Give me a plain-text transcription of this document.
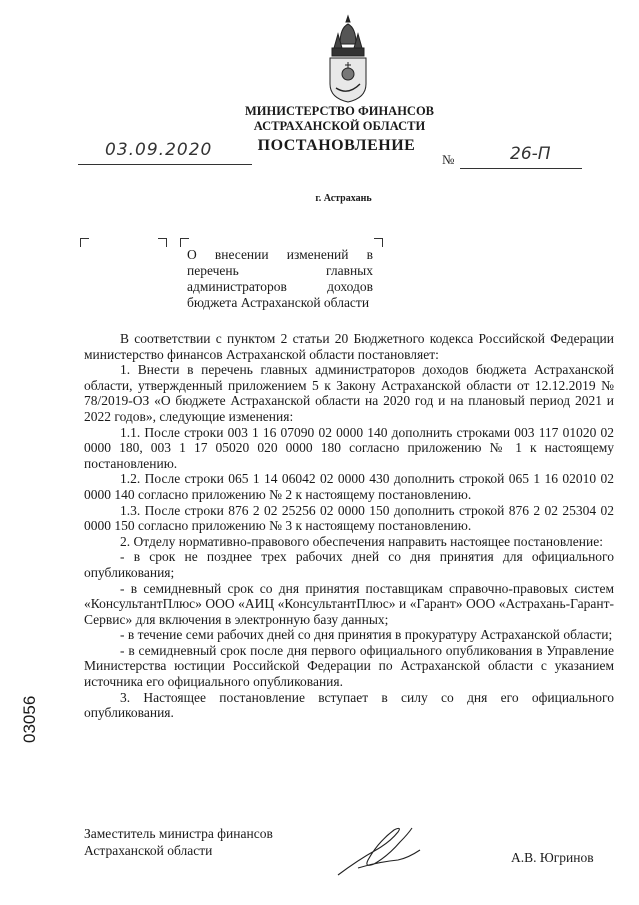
МИНИСТЕРСТВО ФИНАНСОВ
АСТРАХАНСКОЙ ОБЛАСТИ
03.09.2020	ПОСТАНОВЛЕНИЕ
№	26-П
г. Астрахань
О внесении изменений в перечень главных администраторов доходов бюджета Астраханской области

В соответствии с пунктом 2 статьи 20 Бюджетного кодекса Российской Федерации министерство финансов Астраханской области постановляет:

1. Внести в перечень главных администраторов доходов бюджета Астраханской области, утвержденный приложением 5 к Закону Астраханской области от 12.12.2019 № 78/2019-ОЗ «О бюджете Астраханской области на 2020 год и на плановый период 2021 и 2022 годов», следующие изменения:

1.1. После строки 003 1 16 07090 02 0000 140 дополнить строками 003 117 01020 02 0000 180, 003 1 17 05020 020 0000 180 согласно приложению № 1 к настоящему постановлению.

1.2. После строки 065 1 14 06042 02 0000 430 дополнить строкой 065 1 16 02010 02 0000 140 согласно приложению № 2 к настоящему постановлению.

1.3. После строки 876 2 02 25256 02 0000 150 дополнить строкой 876 2 02 25304 02 0000 150 согласно приложению № 3 к настоящему постановлению.

2. Отделу нормативно-правового обеспечения направить настоящее постановление:

- в срок не позднее трех рабочих дней со дня принятия для официального опубликования;

- в семидневный срок со дня принятия поставщикам справочно-правовых систем «КонсультантПлюс» ООО «АИЦ «КонсультантПлюс» и «Гарант» ООО «Астрахань-Гарант-Сервис» для включения в электронную базу данных;

- в течение семи рабочих дней со дня принятия в прокуратуру Астраханской области;

- в семидневный срок после дня первого официального опубликования в Управление Министерства юстиции Российской Федерации по Астраханской области с указанием источника его официального опубликования.

3. Настоящее постановление вступает в силу со дня его официального опубликования.

03056
Заместитель министра финансов
Астраханской области	А.В. Югринов
